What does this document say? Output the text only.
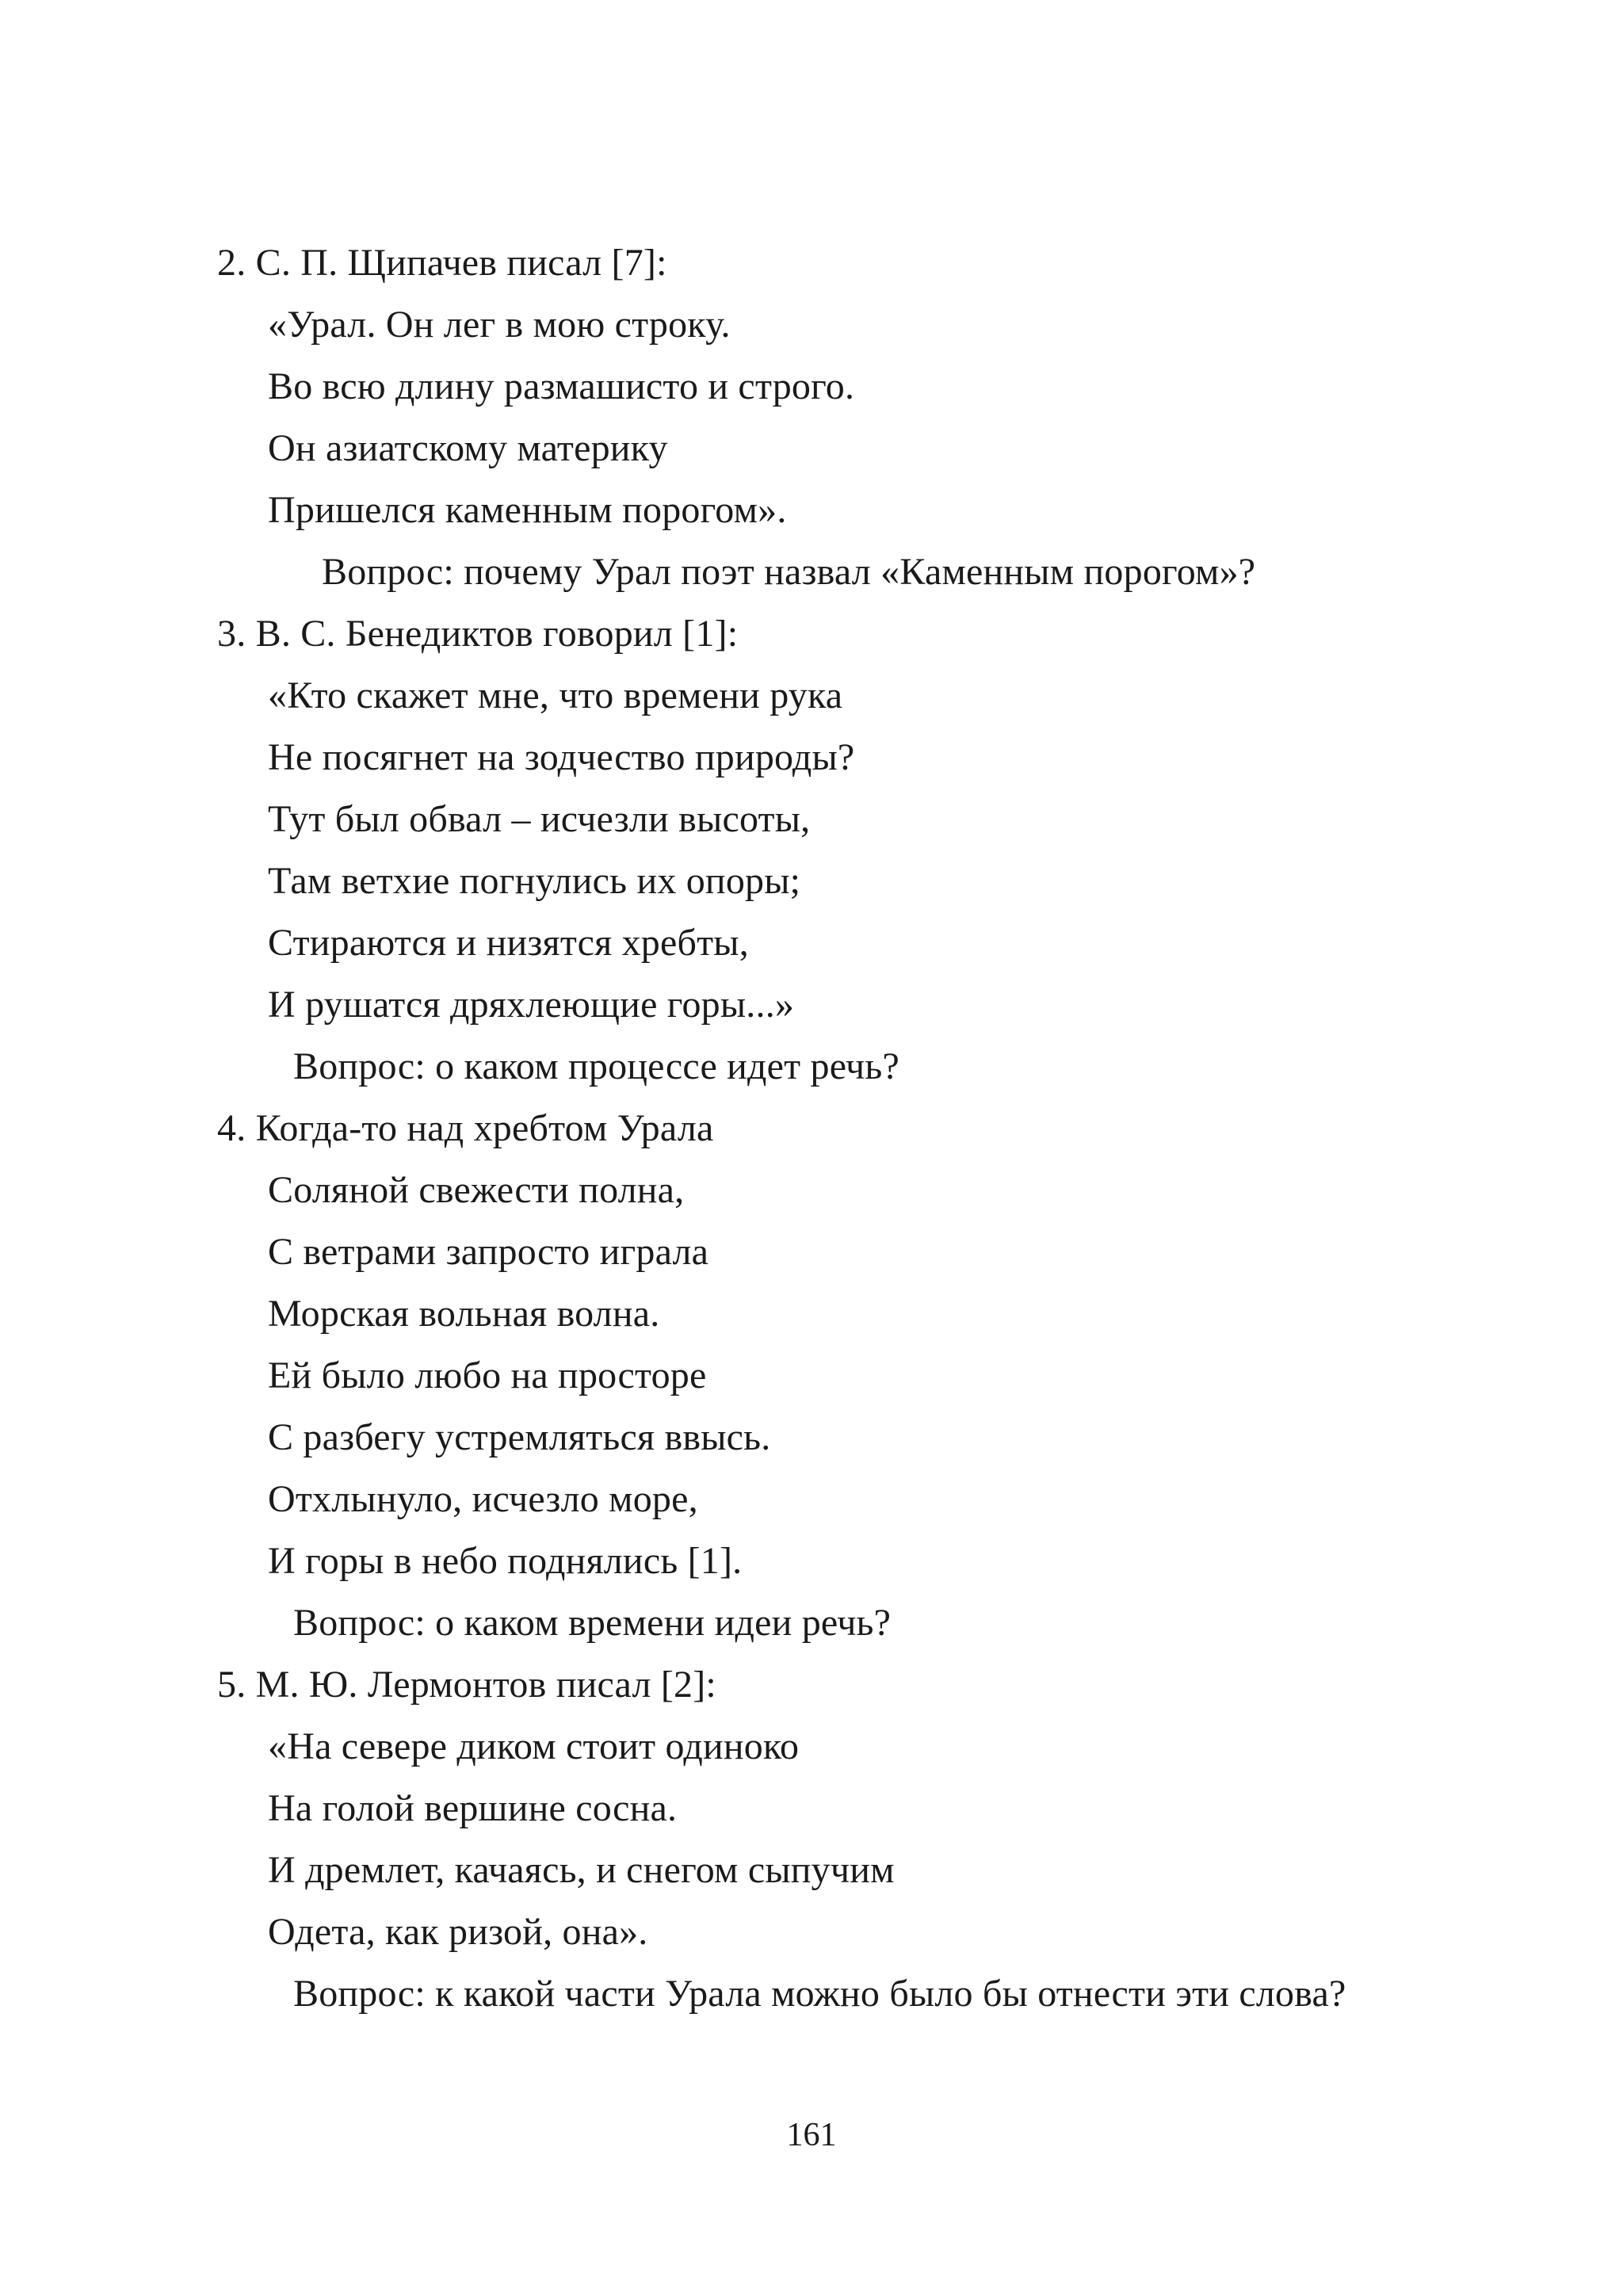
2. С. П. Щипачев писал [7]:
«Урал. Он лег в мою строку.
Во всю длину размашисто и строго.
Он азиатскому материку
Пришелся каменным порогом».
Вопрос: почему Урал поэт назвал «Каменным порогом»?
3. В. С. Бенедиктов говорил [1]:
«Кто скажет мне, что времени рука
Не посягнет на зодчество природы?
Тут был обвал – исчезли высоты,
Там ветхие погнулись их опоры;
Стираются и низятся хребты,
И рушатся дряхлеющие горы...»
Вопрос: о каком процессе идет речь?
4. Когда-то над хребтом Урала
Соляной свежести полна,
С ветрами запросто играла
Морская вольная волна.
Ей было любо на просторе
С разбегу устремляться ввысь.
Отхлынуло, исчезло море,
И горы в небо поднялись [1].
Вопрос: о каком времени идеи речь?
5. М. Ю. Лермонтов писал [2]:
«На севере диком стоит одиноко
На голой вершине сосна.
И дремлет, качаясь, и снегом сыпучим
Одета, как ризой, она».
Вопрос: к какой части Урала можно было бы отнести эти слова?
161
